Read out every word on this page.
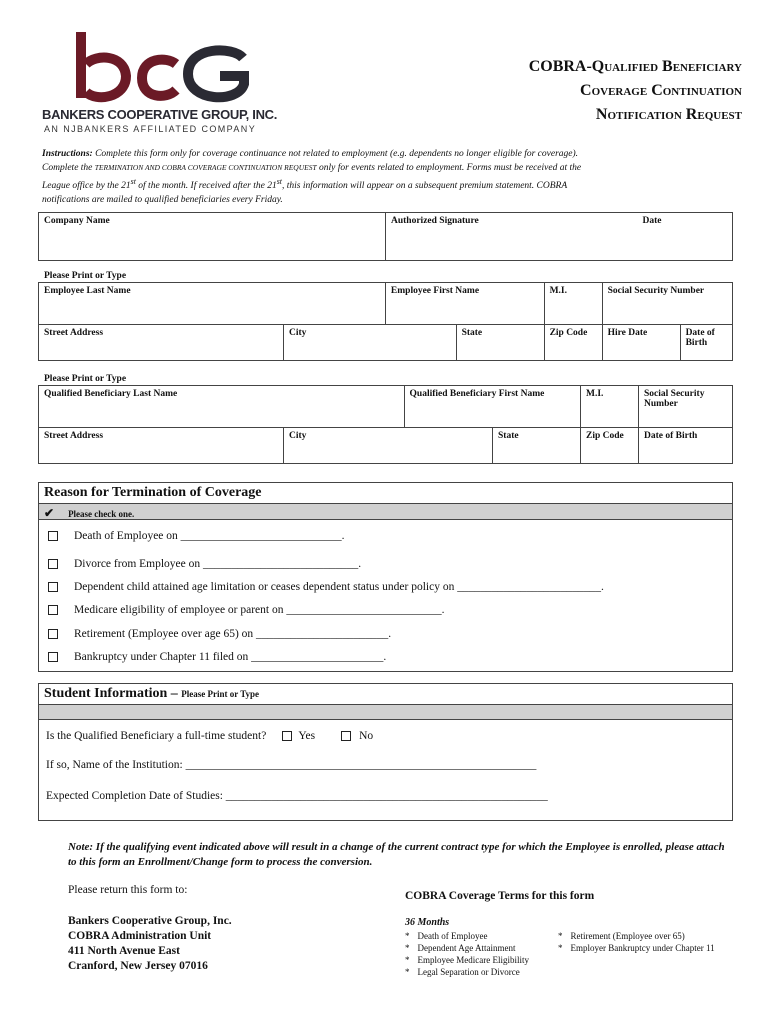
BANKERS COOPERATIVE GROUP, INC.
AN NJBANKERS AFFILIATED COMPANY
COBRA-Qualified Beneficiary
Coverage Continuation
Notification Request
Instructions: Complete this form only for coverage continuance not related to employment (e.g. dependents no longer eligible for coverage).
Complete the TERMINATION AND COBRA COVERAGE CONTINUATION REQUEST only for events related to employment. Forms must be received at the
League office by the 21st of the month. If received after the 21st, this information will appear on a subsequent premium statement. COBRA
notifications are mailed to qualified beneficiaries every Friday.
Company Name	Authorized Signature	Date
Please Print or Type
Employee Last Name		Employee First Name		M.I.	Social Security Number	
Street Address	City		State	Zip Code	Hire Date	Date of Birth
Please Print or Type
Qualified Beneficiary Last Name		Qualified Beneficiary First Name		M.I.	Social Security Number
Street Address	City		State	Zip Code	Date of Birth
Reason for Termination of Coverage
✔ Please check one.
Death of Employee on ____________________________.
Divorce from Employee on ___________________________.
Dependent child attained age limitation or ceases dependent status under policy on _________________________.
Medicare eligibility of employee or parent on ___________________________.
Retirement (Employee over age 65) on _______________________.
Bankruptcy under Chapter 11 filed on _______________________.
Student Information – Please Print or Type
Is the Qualified Beneficiary a full-time student?	Yes	No
If so, Name of the Institution: _____________________________________________________________
Expected Completion Date of Studies: ________________________________________________________
Note: If the qualifying event indicated above will result in a change of the current contract type for which the Employee is enrolled, please attach to this form an Enrollment/Change form to process the conversion.
Please return this form to:
Bankers Cooperative Group, Inc.
COBRA Administration Unit
411 North Avenue East
Cranford, New Jersey 07016
COBRA Coverage Terms for this form
36 Months
* Death of Employee
* Dependent Age Attainment
* Employee Medicare Eligibility
* Legal Separation or Divorce
* Retirement (Employee over 65)
* Employer Bankruptcy under Chapter 11
